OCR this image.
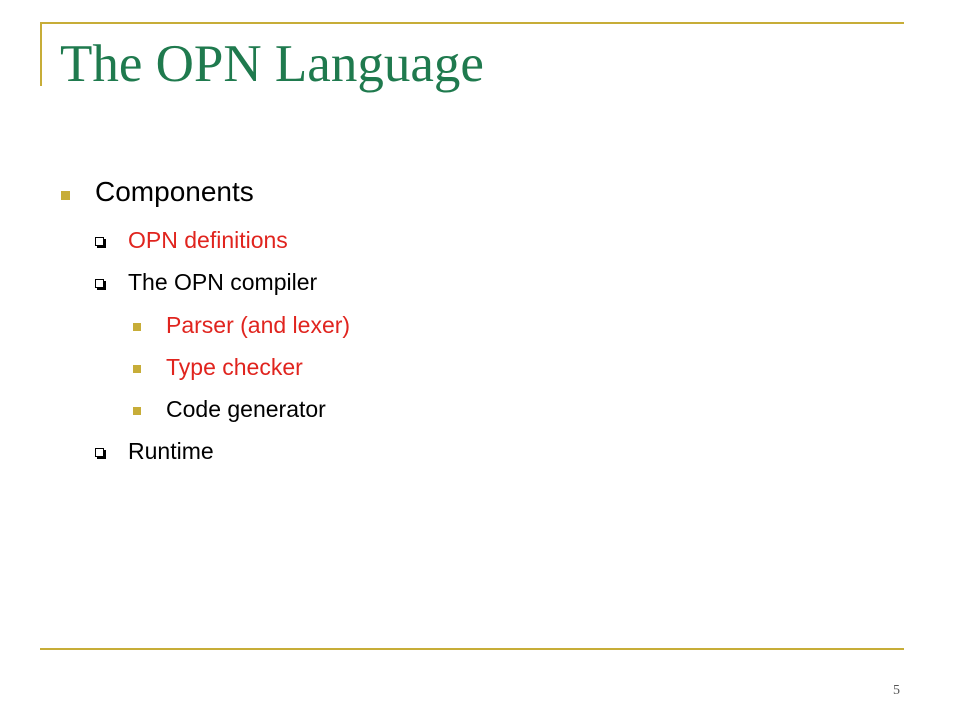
The OPN Language
Components
OPN definitions
The OPN compiler
Parser (and lexer)
Type checker
Code generator
Runtime
5
